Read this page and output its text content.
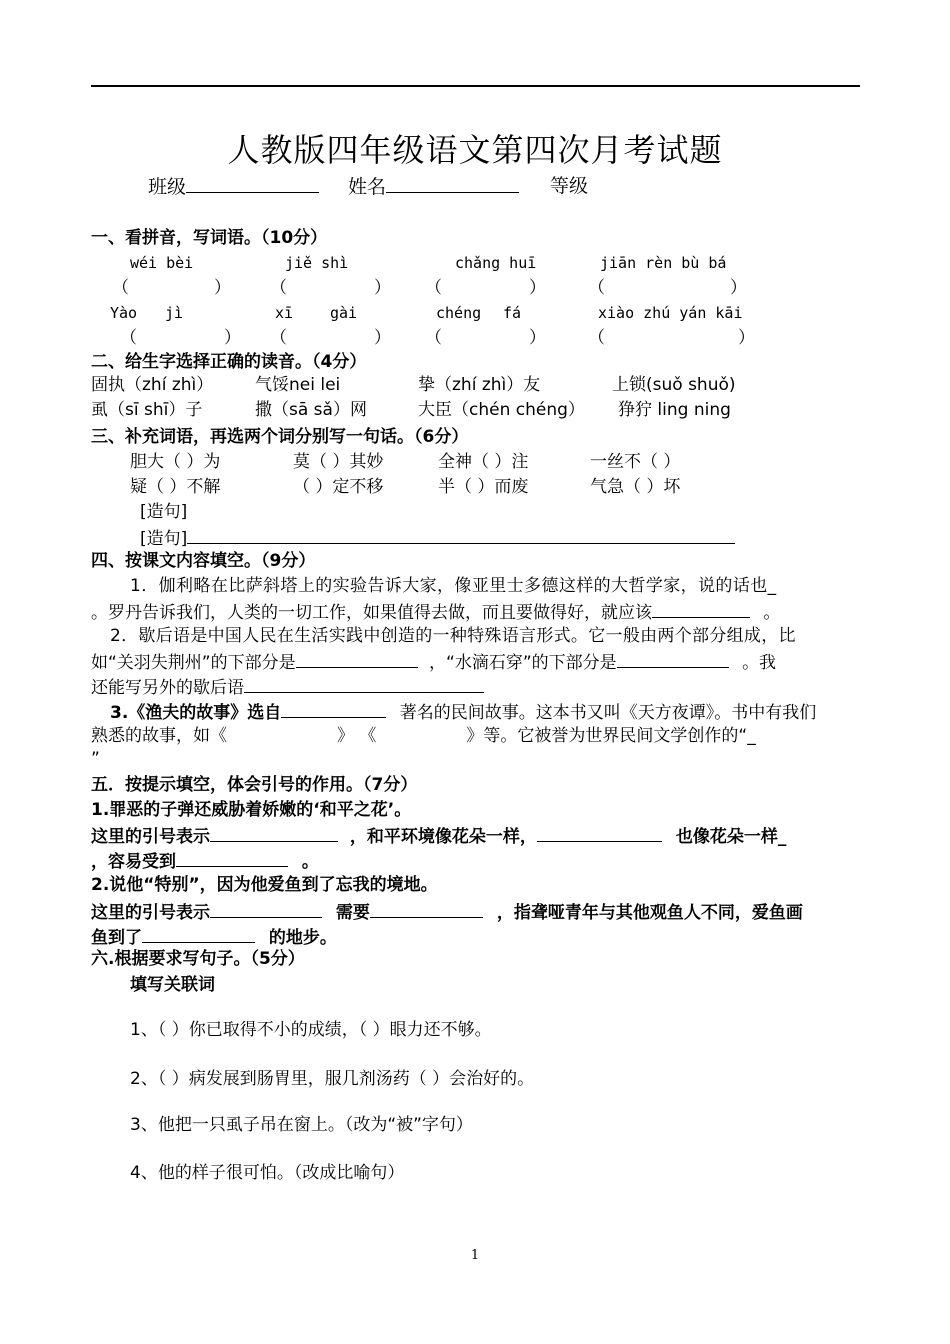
人教版四年级语文第四次月考试题
班级	姓名	等级
一、看拼音，写词语。（10分）
wéi bèi	jiě shì	chǎng huī	jiān rèn bù bá
（	） （	） （	） （	）
Yào jì	xī gài	chéng fá	xiào zhú yán kāi
（	） （	） （	） （	）
二、给生字选择正确的读音。（4分）
固执（zhí zhì） 气馁nei lei	挚（zhí zhì）友	上锁(suǒ shuǒ)
虱（sī shī）子	撒（sā sǎ）网	大臣（chén chéng） 狰狞 ling ning
三、补充词语，再选两个词分别写一句话。（6分）
胆大（ ）为	莫（ ）其妙	全神（ ）注	一丝不（ ）
疑（ ）不解	（ ）定不移	半（ ）而废	气急（ ）坏
[造句]
[造句]
四、按课文内容填空。（9分）
1．伽利略在比萨斜塔上的实验告诉大家，像亚里士多德这样的大哲学家，说的话也_
。罗丹告诉我们，人类的一切工作，如果值得去做，而且要做得好，就应该	。
2．歇后语是中国人民在生活实践中创造的一种特殊语言形式。它一般由两个部分组成，比
如“关羽失荆州”的下部分是	，“水滴石穿”的下部分是	。我
还能写另外的歇后语
3.《渔夫的故事》选自	著名的民间故事。这本书又叫《天方夜谭》。书中有我们
熟悉的故事，如《	》 《	》等。它被誉为世界民间文学创作的“_
”
五．按提示填空，体会引号的作用。（7分）
1.罪恶的子弹还威胁着娇嫩的‘和平之花’。
这里的引号表示	，和平环境像花朵一样，	也像花朵一样_
，容易受到	。
2.说他“特别”，因为他爱鱼到了忘我的境地。
这里的引号表示	需要	，指聋哑青年与其他观鱼人不同，爱鱼画
鱼到了	的地步。
六.根据要求写句子。（5分）
填写关联词
1、（ ）你已取得不小的成绩，（ ）眼力还不够。
2、（ ）病发展到肠胃里，服几剂汤药（ ）会治好的。
3、他把一只虱子吊在窗上。（改为“被”字句）
4、他的样子很可怕。（改成比喻句）
1
